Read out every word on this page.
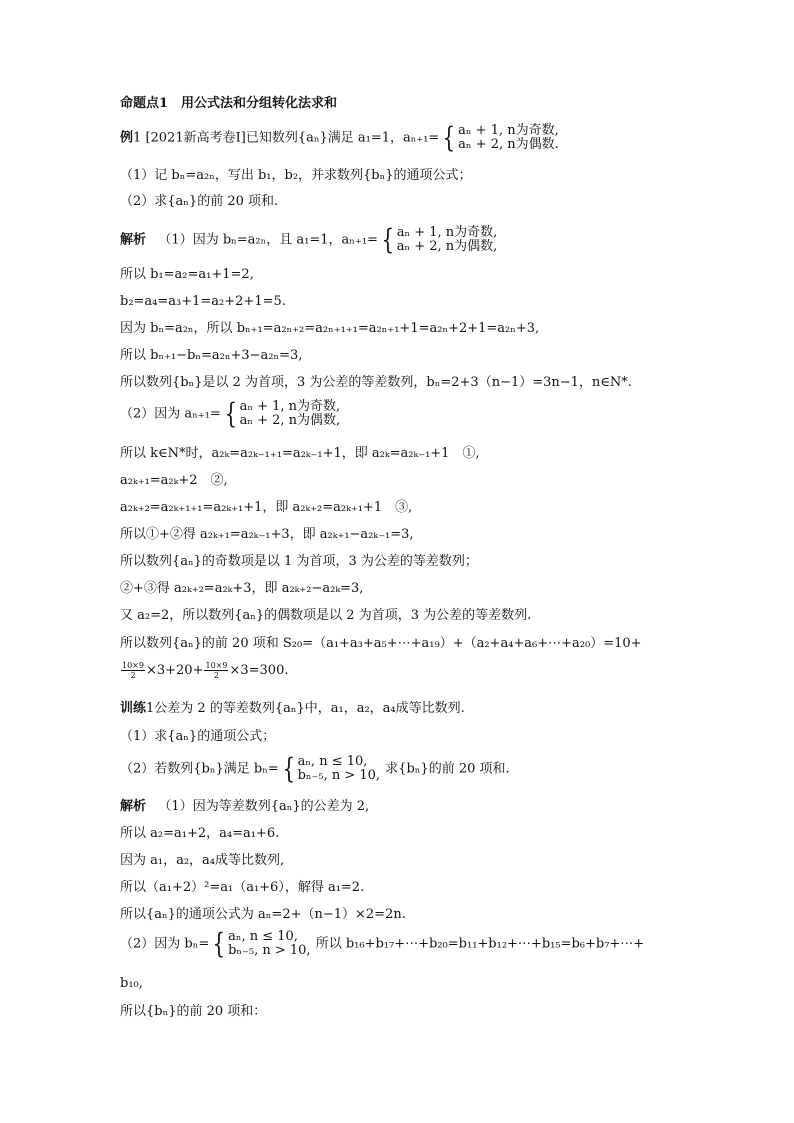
命题点1　用公式法和分组转化法求和
例1 [2021新高考卷Ⅰ]已知数列{aₙ}满足 a₁=1，aₙ₊₁= { aₙ + 1, n为奇数,
aₙ + 2, n为偶数.
（1）记 bₙ=a₂ₙ，写出 b₁，b₂，并求数列{bₙ}的通项公式；
（2）求{aₙ}的前 20 项和.
解析 （1）因为 bₙ=a₂ₙ，且 a₁=1，aₙ₊₁= { aₙ + 1, n为奇数,
aₙ + 2, n为偶数,
所以 b₁=a₂=a₁+1=2,
b₂=a₄=a₃+1=a₂+2+1=5.
因为 bₙ=a₂ₙ，所以 bₙ₊₁=a₂ₙ₊₂=a₂ₙ₊₁₊₁=a₂ₙ₊₁+1=a₂ₙ+2+1=a₂ₙ+3,
所以 bₙ₊₁−bₙ=a₂ₙ+3−a₂ₙ=3,
所以数列{bₙ}是以 2 为首项，3 为公差的等差数列，bₙ=2+3（n−1）=3n−1，n∈N*.
（2）因为 aₙ₊₁= { aₙ + 1, n为奇数,
aₙ + 2, n为偶数,
所以 k∈N*时，a₂ₖ=a₂ₖ₋₁₊₁=a₂ₖ₋₁+1，即 a₂ₖ=a₂ₖ₋₁+1　①,
a₂ₖ₊₁=a₂ₖ+2　②,
a₂ₖ₊₂=a₂ₖ₊₁₊₁=a₂ₖ₊₁+1，即 a₂ₖ₊₂=a₂ₖ₊₁+1　③,
所以①+②得 a₂ₖ₊₁=a₂ₖ₋₁+3，即 a₂ₖ₊₁−a₂ₖ₋₁=3,
所以数列{aₙ}的奇数项是以 1 为首项，3 为公差的等差数列；
②+③得 a₂ₖ₊₂=a₂ₖ+3，即 a₂ₖ₊₂−a₂ₖ=3,
又 a₂=2，所以数列{aₙ}的偶数项是以 2 为首项，3 为公差的等差数列.
所以数列{aₙ}的前 20 项和 S₂₀=（a₁+a₃+a₅+⋯+a₁₉）+（a₂+a₄+a₆+⋯+a₂₀）=10+
$\frac{10\times 9}{2} \times 3+20+ \frac{10\times 9}{2} \times 3=300$.
训练1公差为 2 的等差数列{aₙ}中，a₁，a₂，a₄成等比数列.
（1）求{aₙ}的通项公式；
（2）若数列{bₙ}满足 bₙ= { aₙ, n ≤ 10,
bₙ₋₅, n > 10, 求{bₙ}的前 20 项和.
解析 （1）因为等差数列{aₙ}的公差为 2,
所以 a₂=a₁+2，a₄=a₁+6.
因为 a₁，a₂，a₄成等比数列,
所以（a₁+2）²=a₁（a₁+6），解得 a₁=2.
所以{aₙ}的通项公式为 aₙ=2+（n−1）×2=2n.
（2）因为 bₙ= { aₙ, n ≤ 10,
bₙ₋₅, n > 10, 所以 b₁₆+b₁₇+⋯+b₂₀=b₁₁+b₁₂+⋯+b₁₅=b₆+b₇+⋯+
b₁₀,
所以{bₙ}的前 20 项和：
